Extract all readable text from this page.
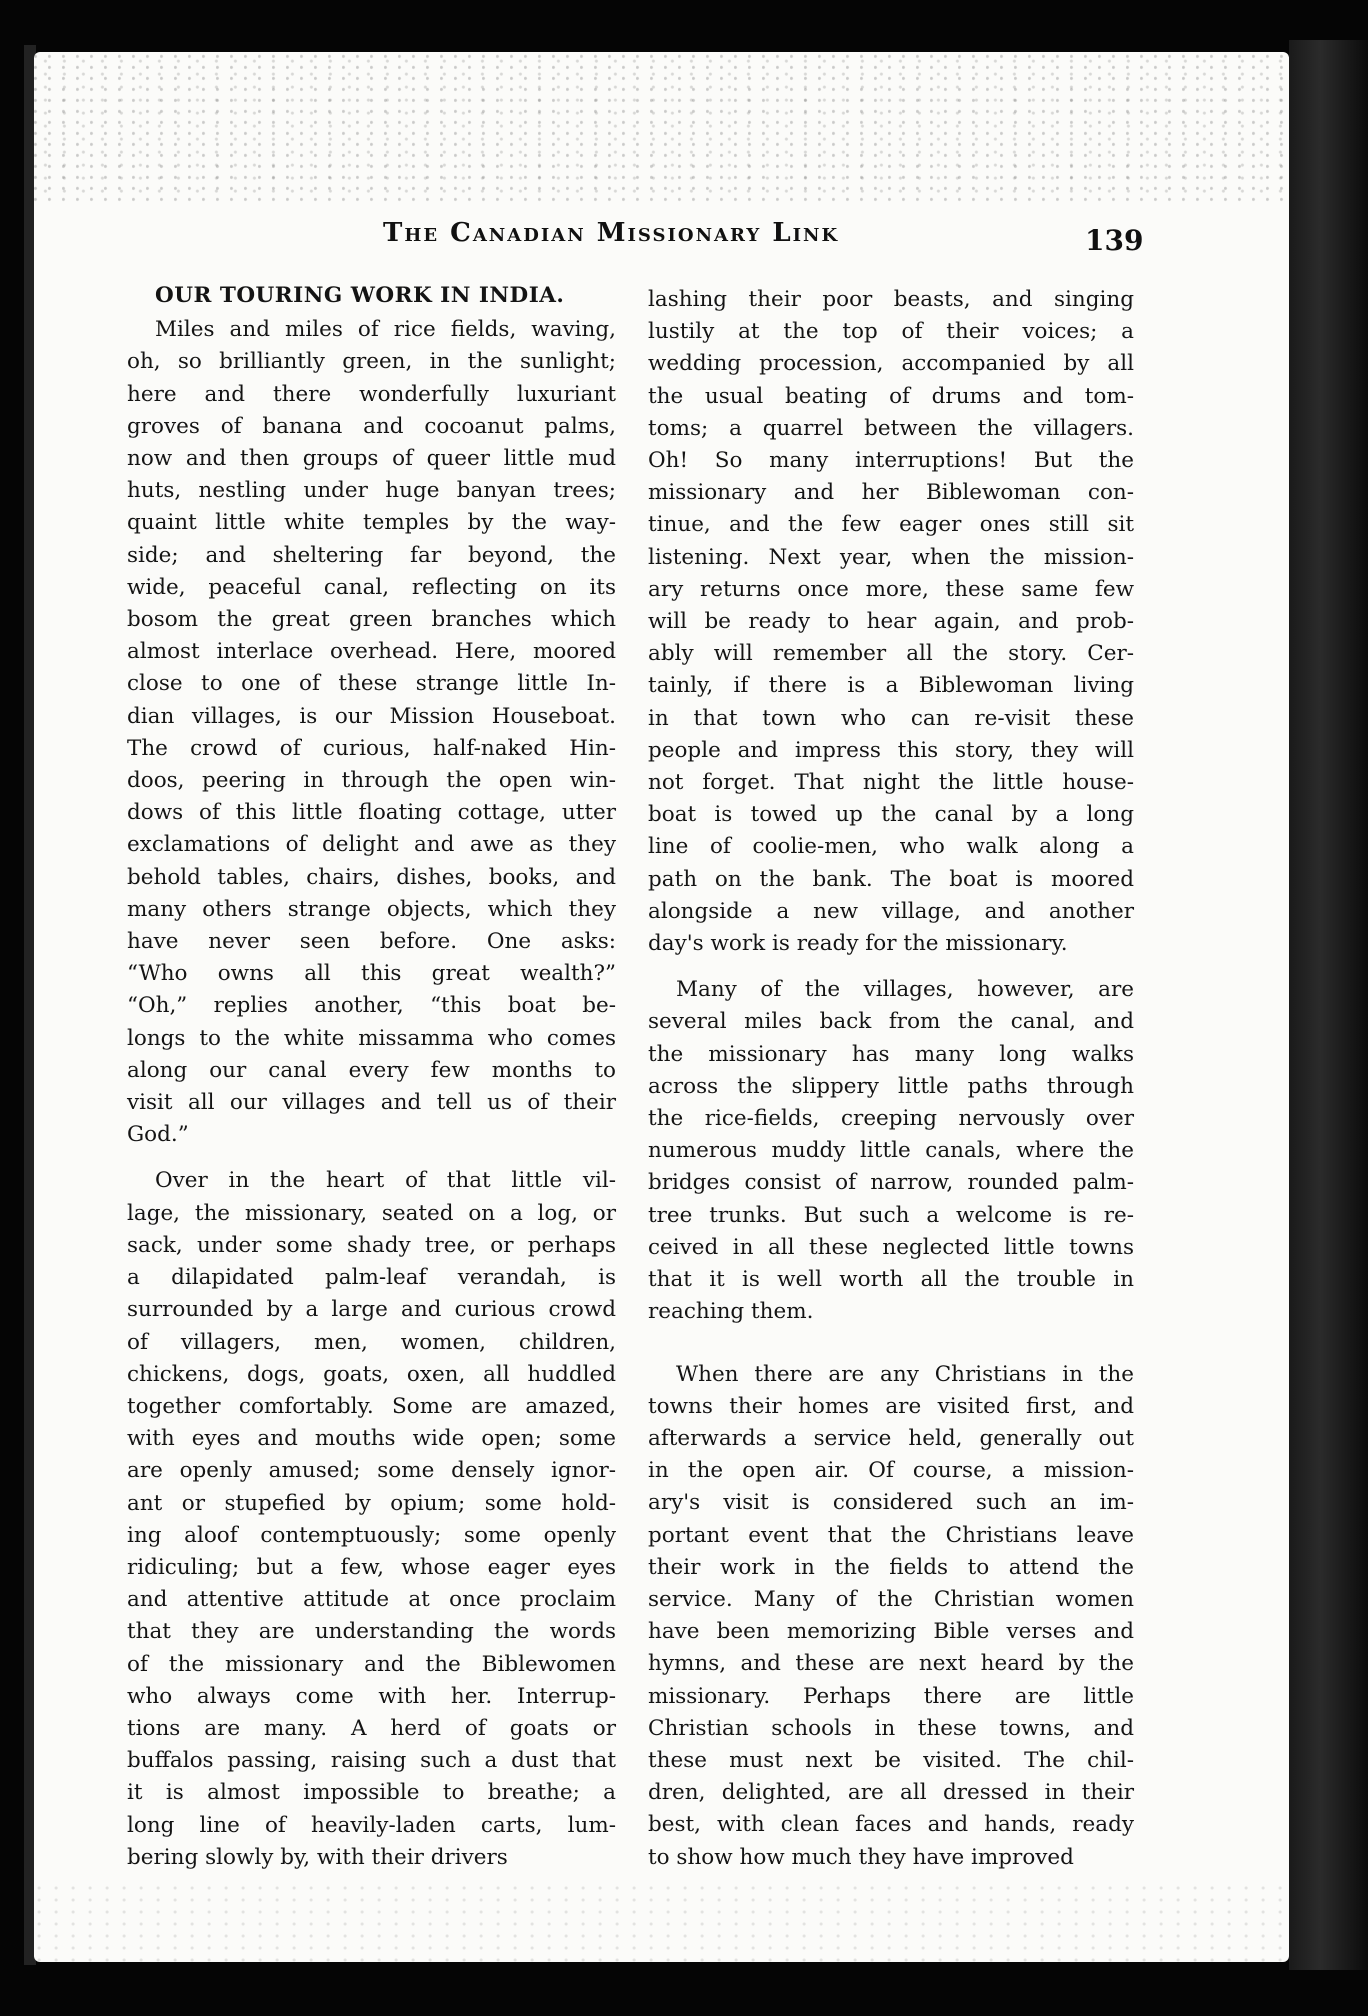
The Canadian Missionary Link	139
OUR TOURING WORK IN INDIA.
Miles and miles of rice fields, waving,
oh, so brilliantly green, in the sunlight;
here and there wonderfully luxuriant
groves of banana and cocoanut palms,
now and then groups of queer little mud
huts, nestling under huge banyan trees;
quaint little white temples by the way-
side; and sheltering far beyond, the
wide, peaceful canal, reflecting on its
bosom the great green branches which
almost interlace overhead. Here, moored
close to one of these strange little In-
dian villages, is our Mission Houseboat.
The crowd of curious, half-naked Hin-
doos, peering in through the open win-
dows of this little floating cottage, utter
exclamations of delight and awe as they
behold tables, chairs, dishes, books, and
many others strange objects, which they
have never seen before. One asks:
“Who owns all this great wealth?”
“Oh,” replies another, “this boat be-
longs to the white missamma who comes
along our canal every few months to
visit all our villages and tell us of their
God.”
Over in the heart of that little vil-
lage, the missionary, seated on a log, or
sack, under some shady tree, or perhaps
a dilapidated palm-leaf verandah, is
surrounded by a large and curious crowd
of villagers, men, women, children,
chickens, dogs, goats, oxen, all huddled
together comfortably. Some are amazed,
with eyes and mouths wide open; some
are openly amused; some densely ignor-
ant or stupefied by opium; some hold-
ing aloof contemptuously; some openly
ridiculing; but a few, whose eager eyes
and attentive attitude at once proclaim
that they are understanding the words
of the missionary and the Biblewomen
who always come with her. Interrup-
tions are many. A herd of goats or
buffalos passing, raising such a dust that
it is almost impossible to breathe; a
long line of heavily-laden carts, lum-
bering slowly by, with their drivers
lashing their poor beasts, and singing
lustily at the top of their voices; a
wedding procession, accompanied by all
the usual beating of drums and tom-
toms; a quarrel between the villagers.
Oh! So many interruptions! But the
missionary and her Biblewoman con-
tinue, and the few eager ones still sit
listening. Next year, when the mission-
ary returns once more, these same few
will be ready to hear again, and prob-
ably will remember all the story. Cer-
tainly, if there is a Biblewoman living
in that town who can re-visit these
people and impress this story, they will
not forget. That night the little house-
boat is towed up the canal by a long
line of coolie-men, who walk along a
path on the bank. The boat is moored
alongside a new village, and another
day's work is ready for the missionary.
Many of the villages, however, are
several miles back from the canal, and
the missionary has many long walks
across the slippery little paths through
the rice-fields, creeping nervously over
numerous muddy little canals, where the
bridges consist of narrow, rounded palm-
tree trunks. But such a welcome is re-
ceived in all these neglected little towns
that it is well worth all the trouble in
reaching them.
When there are any Christians in the
towns their homes are visited first, and
afterwards a service held, generally out
in the open air. Of course, a mission-
ary's visit is considered such an im-
portant event that the Christians leave
their work in the fields to attend the
service. Many of the Christian women
have been memorizing Bible verses and
hymns, and these are next heard by the
missionary. Perhaps there are little
Christian schools in these towns, and
these must next be visited. The chil-
dren, delighted, are all dressed in their
best, with clean faces and hands, ready
to show how much they have improved
